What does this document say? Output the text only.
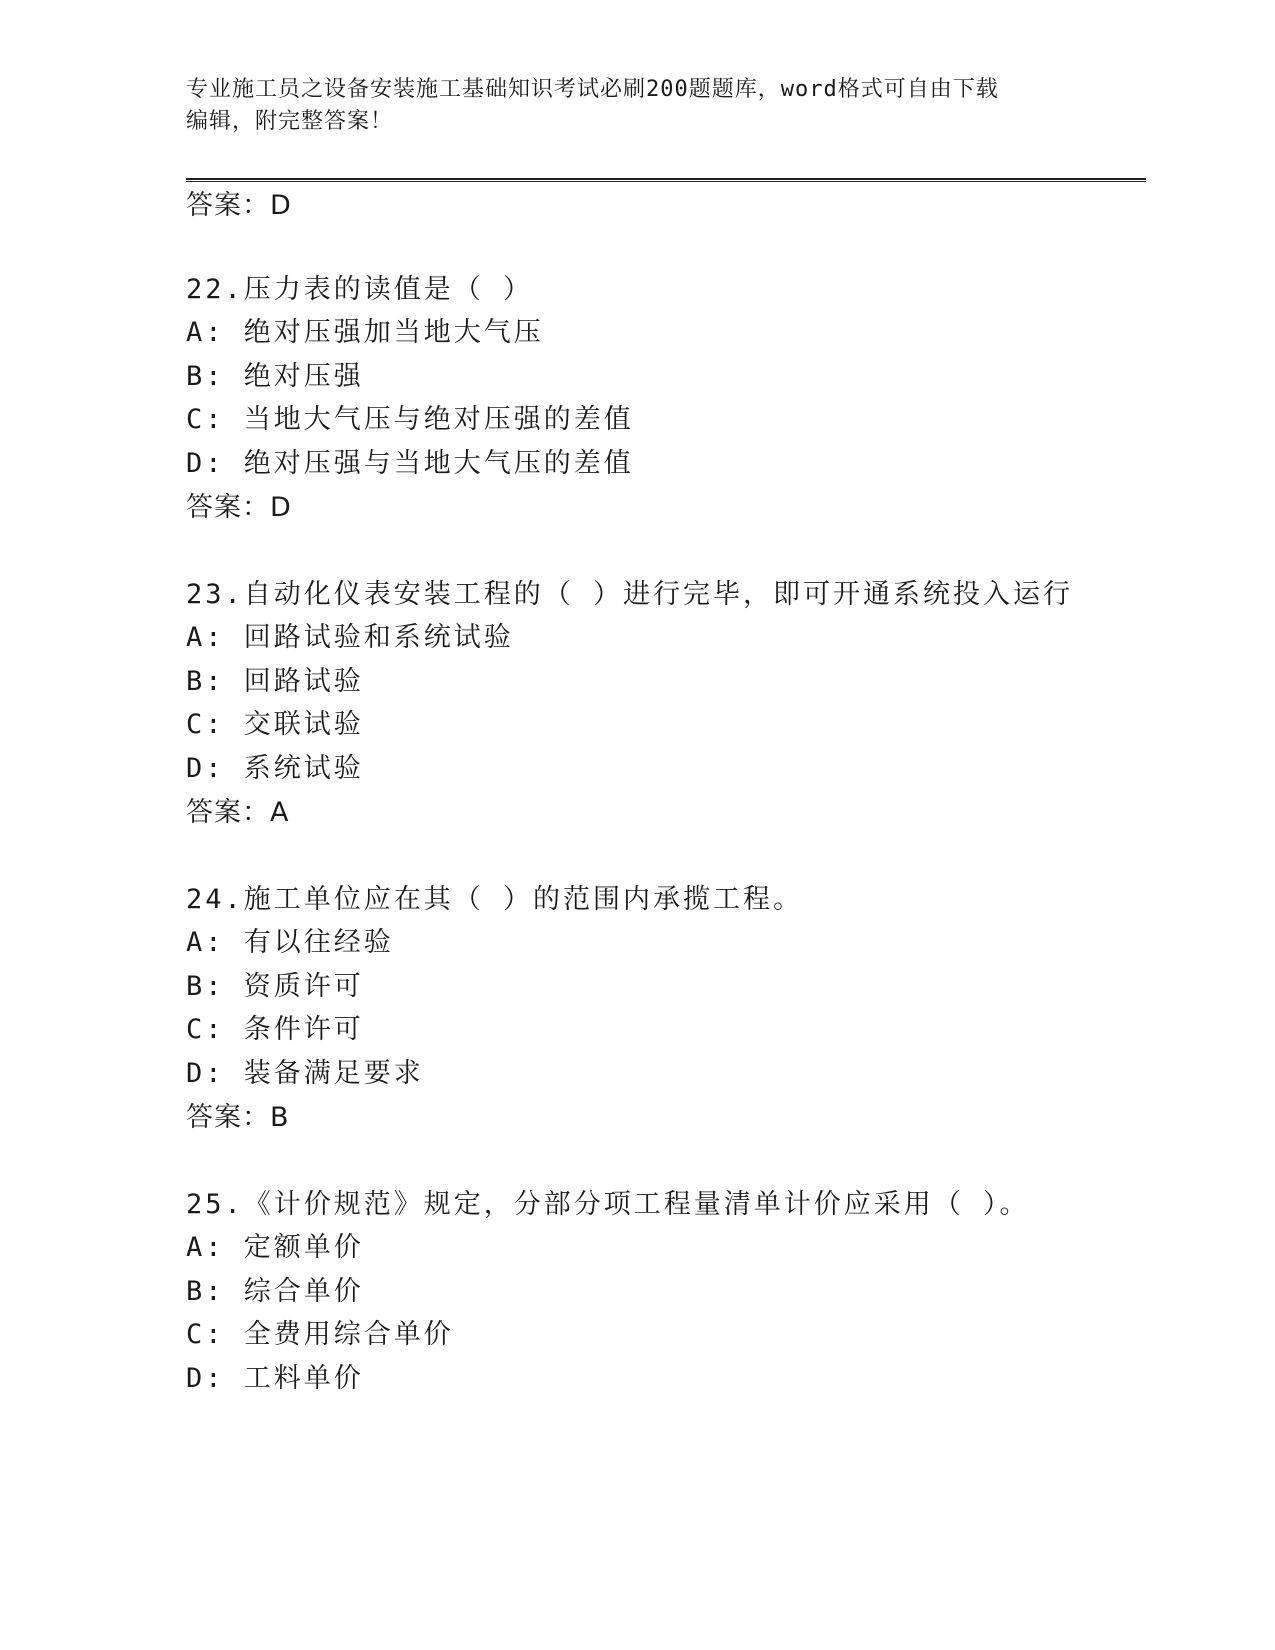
专业施工员之设备安装施工基础知识考试必刷200题题库，word格式可自由下载
编辑，附完整答案！
答案：D
22.压力表的读值是（ ）
A: 绝对压强加当地大气压
B: 绝对压强
C: 当地大气压与绝对压强的差值
D: 绝对压强与当地大气压的差值
答案：D
23.自动化仪表安装工程的（ ）进行完毕，即可开通系统投入运行
A: 回路试验和系统试验
B: 回路试验
C: 交联试验
D: 系统试验
答案：A
24.施工单位应在其（ ）的范围内承揽工程。
A: 有以往经验
B: 资质许可
C: 条件许可
D: 装备满足要求
答案：B
25.《计价规范》规定，分部分项工程量清单计价应采用（ ）。
A: 定额单价
B: 综合单价
C: 全费用综合单价
D: 工料单价
